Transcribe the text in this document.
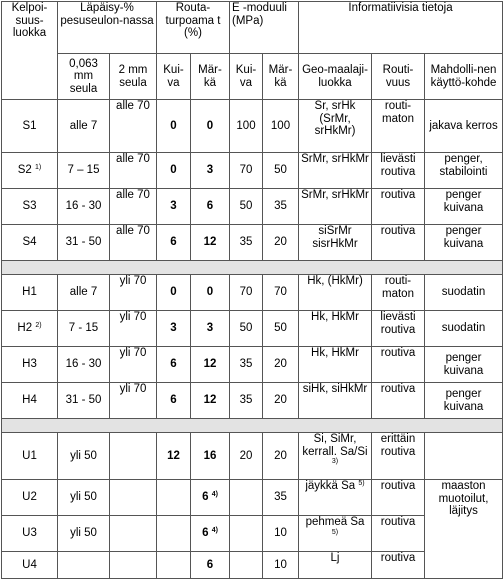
Kelpoi-suus-luokka	Läpäisy-%
pesuseulon-nassa		Routa-turpoama t
(%)		E -moduuli
(MPa)		Informatiivisia tietoja		
	0,063 mm seula	2 mm seula	Kui-va	Mär-kä	Kui-va	Mär-kä	Geo-maalaji-luokka	Routi-vuus	Mahdolli-nen käyttö-kohde
S1	alle 7	alle 70	0	0	100	100	Sr, srHk (SrMr, srHkMr)	routi-maton	jakava kerros
S2 $^{1)}$	7 – 15	alle 70	0	3	70	50	SrMr, srHkMr	lievästi routiva	penger, stabilointi
S3	16 - 30	alle 70	3	6	50	35	SrMr, srHkMr	routiva	penger kuivana
S4	31 - 50	alle 70	6	12	35	20	siSrMr sisrHkMr	routiva	penger kuivana

H1	alle 7	yli 70	0	0	70	70	Hk, (HkMr)	routi-maton	suodatin
H2 $^{2)}$	7 - 15	yli 70	3	3	50	50	Hk, HkMr	lievästi routiva	suodatin
H3	16 - 30	yli 70	6	12	35	20	Hk, HkMr	routiva	penger kuivana
H4	31 - 50	yli 70	6	12	35	20	siHk, siHkMr	routiva	penger kuivana

U1	yli 50		12	16	20	20	Si, SiMr, kerrall. Sa/Si $^{3)}$	erittäin routiva	
U2	yli 50			6 $^{4)}$		35	jäykkä Sa $^{5)}$	routiva	maaston muotoilut, läjitys
U3	yli 50			6 $^{4)}$		10	pehmeä Sa $^{5)}$	routiva	
U4				6		10	Lj	routiva	
